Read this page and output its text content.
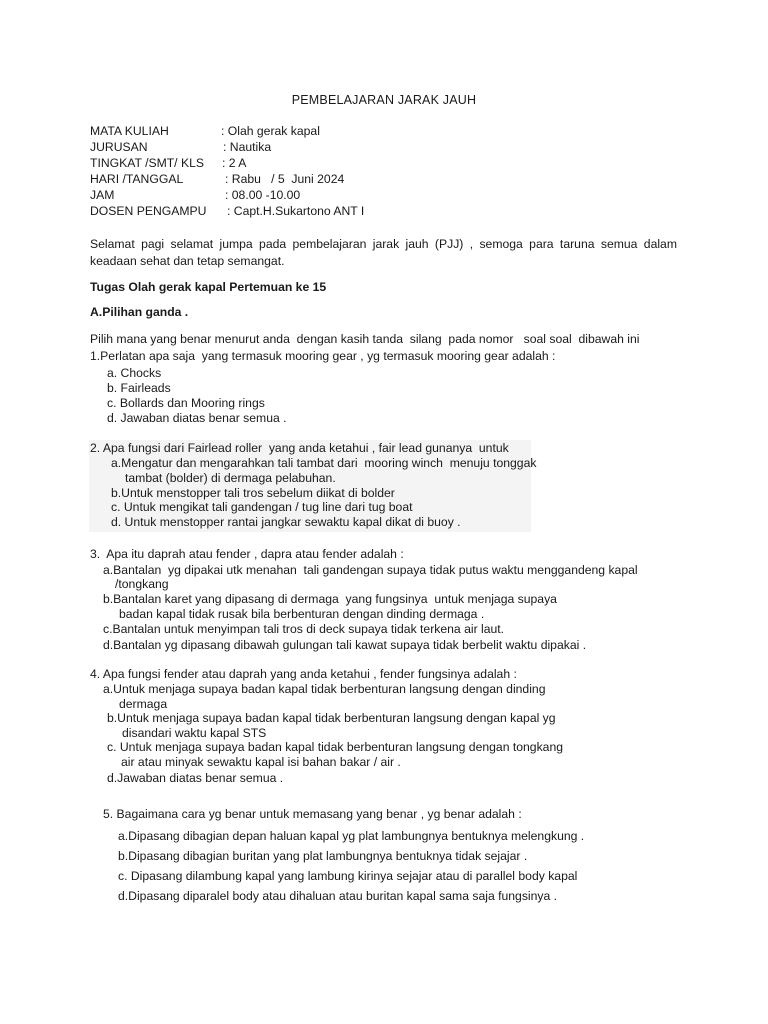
PEMBELAJARAN JARAK JAUH

MATA KULIAH

	: Olah gerak kapal

JURUSAN

	: Nautika

TINGKAT /SMT/ KLS

: 2 A

HARI /TANGGAL

	: Rabu   / 5  Juni 2024

JAM

	: 08.00 -10.00

DOSEN PENGAMPU

: Capt.H.Sukartono ANT I

Selamat pagi selamat jumpa pada pembelajaran jarak jauh (PJJ) , semoga para taruna semua dalam keadaan sehat dan tetap semangat.
Tugas Olah gerak kapal Pertemuan ke 15
A.Pilihan ganda .
Pilih mana yang benar menurut anda  dengan kasih tanda  silang  pada nomor   soal soal  dibawah ini
1.Perlatan apa saja  yang termasuk mooring gear , yg termasuk mooring gear adalah :
a. Chocks
b. Fairleads
c. Bollards dan Mooring rings
d. Jawaban diatas benar semua .
2. Apa fungsi dari Fairlead roller  yang anda ketahui , fair lead gunanya  untuk
a.Mengatur dan mengarahkan tali tambat dari  mooring winch  menuju tonggak
tambat (bolder) di dermaga pelabuhan.
b.Untuk menstopper tali tros sebelum diikat di bolder
c. Untuk mengikat tali gandengan / tug line dari tug boat
d. Untuk menstopper rantai jangkar sewaktu kapal dikat di buoy .
3.  Apa itu daprah atau fender , dapra atau fender adalah :
a.Bantalan  yg dipakai utk menahan  tali gandengan supaya tidak putus waktu menggandeng kapal
/tongkang
b.Bantalan karet yang dipasang di dermaga  yang fungsinya  untuk menjaga supaya
badan kapal tidak rusak bila berbenturan dengan dinding dermaga .
c.Bantalan untuk menyimpan tali tros di deck supaya tidak terkena air laut.
d.Bantalan yg dipasang dibawah gulungan tali kawat supaya tidak berbelit waktu dipakai .
4. Apa fungsi fender atau daprah yang anda ketahui , fender fungsinya adalah :
a.Untuk menjaga supaya badan kapal tidak berbenturan langsung dengan dinding
dermaga
b.Untuk menjaga supaya badan kapal tidak berbenturan langsung dengan kapal yg
disandari waktu kapal STS
c. Untuk menjaga supaya badan kapal tidak berbenturan langsung dengan tongkang
air atau minyak sewaktu kapal isi bahan bakar / air .
d.Jawaban diatas benar semua .
5. Bagaimana cara yg benar untuk memasang yang benar , yg benar adalah :
a.Dipasang dibagian depan haluan kapal yg plat lambungnya bentuknya melengkung .
b.Dipasang dibagian buritan yang plat lambungnya bentuknya tidak sejajar .
c. Dipasang dilambung kapal yang lambung kirinya sejajar atau di parallel body kapal
d.Dipasang diparalel body atau dihaluan atau buritan kapal sama saja fungsinya .
